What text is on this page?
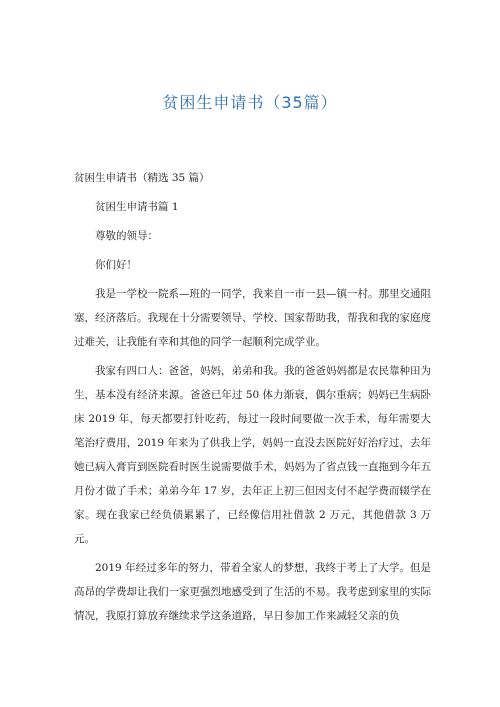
贫困生申请书（35篇）

贫困生申请书（精选 35 篇）

贫困生申请书篇 1

尊敬的领导：

你们好！

我是一学校一院系—班的一同学，我来自一市一县—镇一村。那里交通阻塞，经济落后。我现在十分需要领导、学校、国家帮助我，帮我和我的家庭度过难关，让我能有幸和其他的同学一起顺利完成学业。

我家有四口人：爸爸，妈妈，弟弟和我。我的爸爸妈妈都是农民靠种田为生，基本没有经济来源。爸爸已年过 50 体力渐衰，偶尔重病；妈妈已生病卧床 2019 年，每天都要打针吃药，每过一段时间要做一次手术，每年需要大笔治疗费用，2019 年来为了供我上学，妈妈一直没去医院好好治疗过，去年她已病入膏肓到医院看时医生说需要做手术，妈妈为了省点钱一直拖到今年五月份才做了手术；弟弟今年 17 岁，去年正上初三但因支付不起学费而辍学在家。现在我家已经负债累累了，已经像信用社借款 2 万元，其他借款 3 万元。

2019 年经过多年的努力，带着全家人的梦想，我终于考上了大学。但是高昂的学费却让我们一家更强烈地感受到了生活的不易。我考虑到家里的实际情况，我原打算放弃继续求学这条道路，早日参加工作来减轻父亲的负
